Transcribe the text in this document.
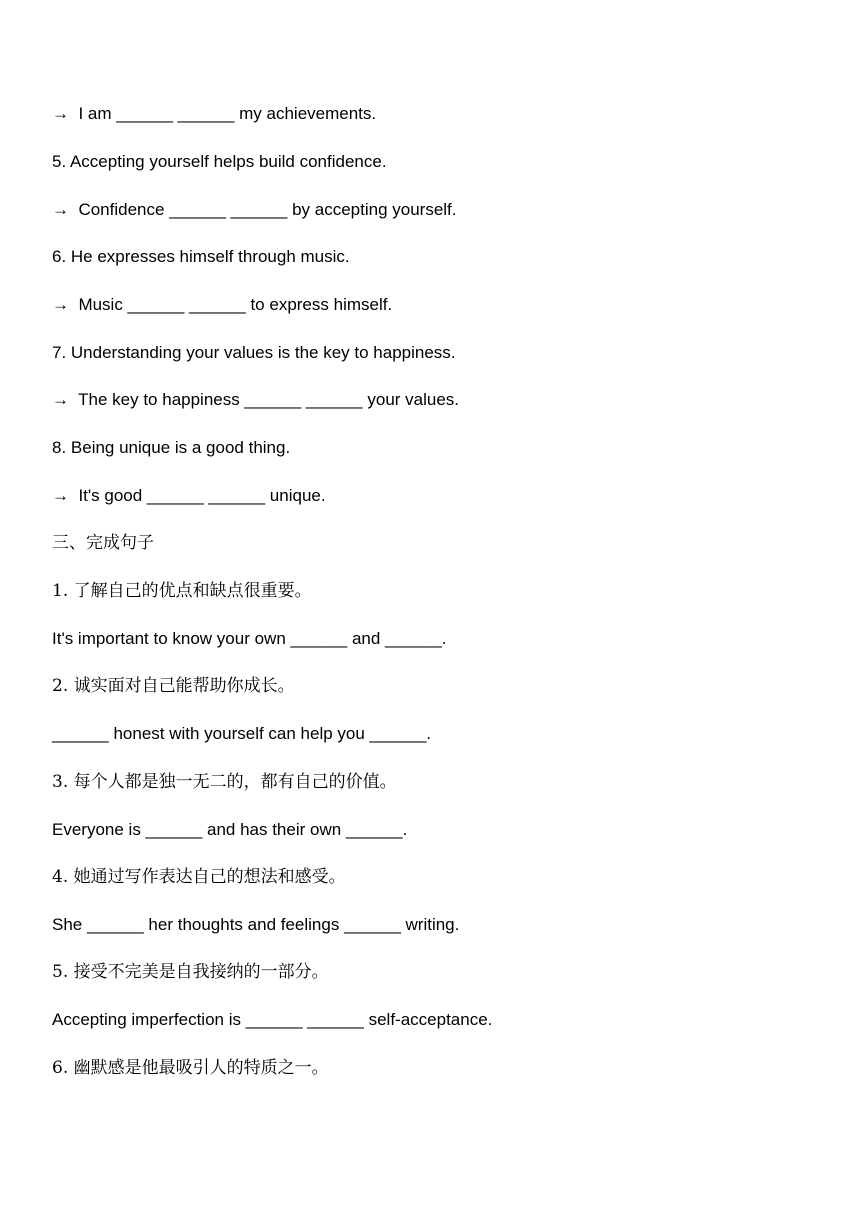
→  I am ______ ______ my achievements.
5. Accepting yourself helps build confidence.
→  Confidence ______ ______ by accepting yourself.
6. He expresses himself through music.
→  Music ______ ______ to express himself.
7. Understanding your values is the key to happiness.
→  The key to happiness ______ ______ your values.
8. Being unique is a good thing.
→  It's good ______ ______ unique.
三、完成句子
1. 了解自己的优点和缺点很重要。
It's important to know your own ______ and ______.
2. 诚实面对自己能帮助你成长。
______ honest with yourself can help you ______.
3. 每个人都是独一无二的，都有自己的价值。
Everyone is ______ and has their own ______.
4. 她通过写作表达自己的想法和感受。
She ______ her thoughts and feelings ______ writing.
5. 接受不完美是自我接纳的一部分。
Accepting imperfection is ______ ______ self-acceptance.
6. 幽默感是他最吸引人的特质之一。
